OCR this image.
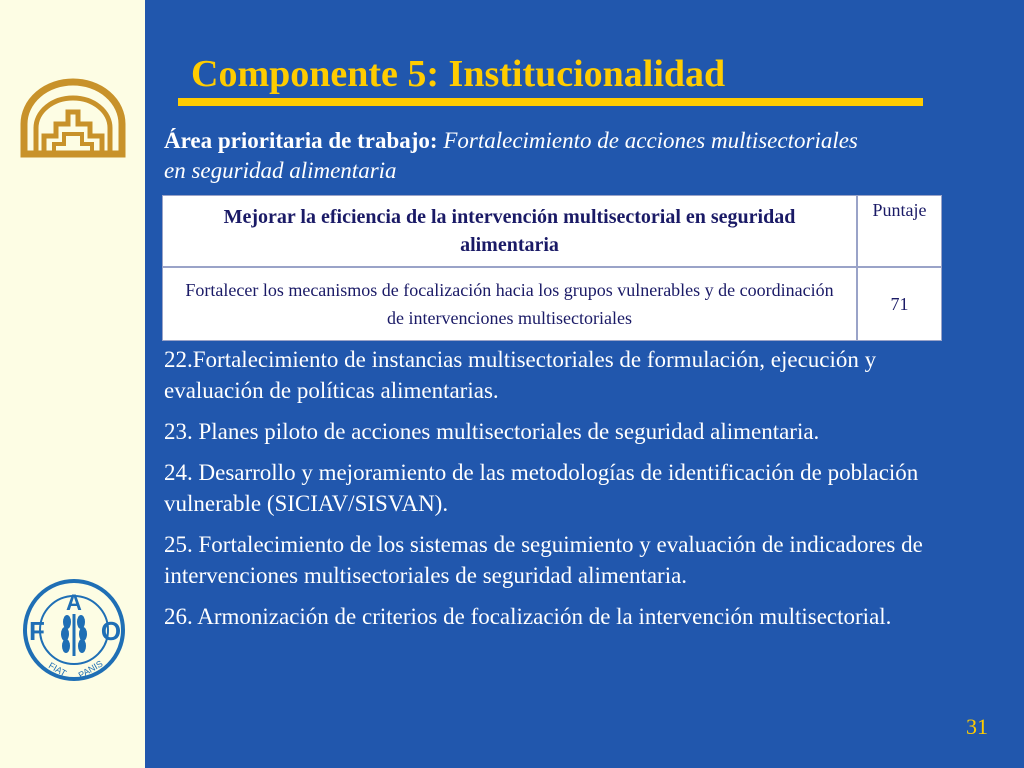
F
A
O
FIAT PANIS
Componente 5: Institucionalidad
Área prioritaria de trabajo: Fortalecimiento de acciones multisectoriales en seguridad alimentaria
Mejorar la eficiencia de la intervención multisectorial en seguridad alimentaria
Puntaje
Fortalecer los mecanismos de focalización hacia los grupos vulnerables y de coordinación de intervenciones multisectoriales
71
22.Fortalecimiento de instancias multisectoriales de formulación, ejecución y evaluación de políticas alimentarias.
23. Planes piloto de acciones multisectoriales de seguridad alimentaria.
24. Desarrollo y mejoramiento de las metodologías de identificación de población vulnerable (SICIAV/SISVAN).
25. Fortalecimiento de los sistemas de seguimiento y evaluación de indicadores de intervenciones multisectoriales de seguridad alimentaria.
26. Armonización de criterios de focalización de la intervención multisectorial.
31
